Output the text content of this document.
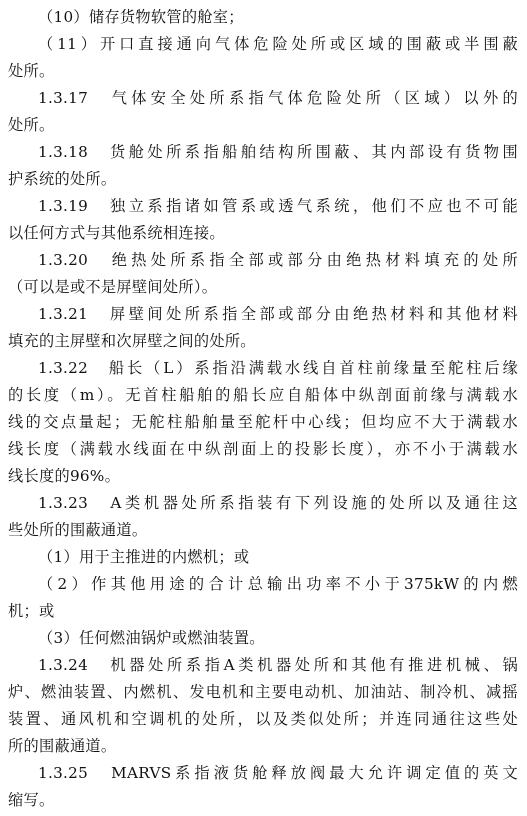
（10）储存货物软管的舱室；
（11）开口直接通向气体危险处所或区域的围蔽或半围蔽
处所。
1.3.17　气体安全处所系指气体危险处所（区域）以外的
处所。
1.3.18　货舱处所系指船舶结构所围蔽、其内部设有货物围
护系统的处所。
1.3.19　独立系指诸如管系或透气系统，他们不应也不可能
以任何方式与其他系统相连接。
1.3.20　绝热处所系指全部或部分由绝热材料填充的处所
（可以是或不是屏壁间处所）。
1.3.21　屏壁间处所系指全部或部分由绝热材料和其他材料
填充的主屏壁和次屏壁之间的处所。
1.3.22　船长（L）系指沿满载水线自首柱前缘量至舵柱后缘
的长度（m）。无首柱船舶的船长应自船体中纵剖面前缘与满载水
线的交点量起；无舵柱船舶量至舵杆中心线；但均应不大于满载水
线长度（满载水线面在中纵剖面上的投影长度），亦不小于满载水
线长度的96%。
1.3.23　A类机器处所系指装有下列设施的处所以及通往这
些处所的围蔽通道。
（1）用于主推进的内燃机；或
（2）作其他用途的合计总输出功率不小于375kW的内燃
机；或
（3）任何燃油锅炉或燃油装置。
1.3.24　机器处所系指A类机器处所和其他有推进机械、锅
炉、燃油装置、内燃机、发电机和主要电动机、加油站、制冷机、减摇
装置、通风机和空调机的处所，以及类似处所；并连同通往这些处
所的围蔽通道。
1.3.25　MARVS系指液货舱释放阀最大允许调定值的英文
缩写。
